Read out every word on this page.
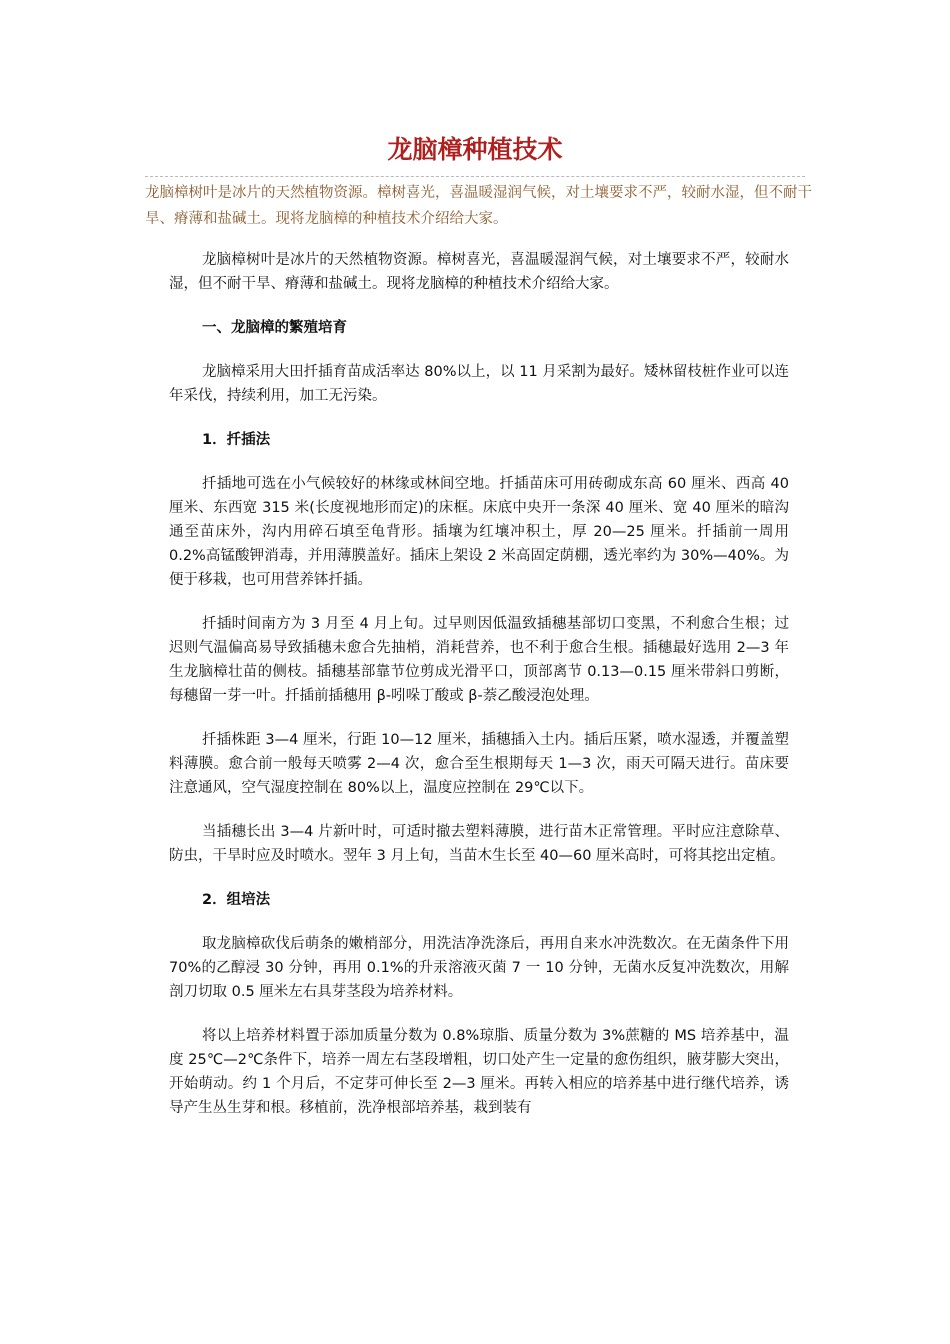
龙脑樟种植技术

龙脑樟树叶是冰片的天然植物资源。樟树喜光，喜温暖湿润气候，对土壤要求不严，较耐水湿，但不耐干旱、瘠薄和盐碱土。现将龙脑樟的种植技术介绍给大家。

龙脑樟树叶是冰片的天然植物资源。樟树喜光，喜温暖湿润气候，对土壤要求不严，较耐水湿，但不耐干旱、瘠薄和盐碱土。现将龙脑樟的种植技术介绍给大家。

一、龙脑樟的繁殖培育

龙脑樟采用大田扦插育苗成活率达 80%以上，以 11 月采割为最好。矮林留枝桩作业可以连年采伐，持续利用，加工无污染。

1．扦插法

扦插地可选在小气候较好的林缘或林间空地。扦插苗床可用砖砌成东高 60 厘米、西高 40 厘米、东西宽 315 米(长度视地形而定)的床框。床底中央开一条深 40 厘米、宽 40 厘米的暗沟通至苗床外，沟内用碎石填至龟背形。插壤为红壤冲积土，厚 20—25 厘米。扦插前一周用 0.2%高锰酸钾消毒，并用薄膜盖好。插床上架设 2 米高固定荫棚，透光率约为 30%—40%。为便于移栽，也可用营养钵扦插。

扦插时间南方为 3 月至 4 月上旬。过早则因低温致插穗基部切口变黑，不利愈合生根；过迟则气温偏高易导致插穗未愈合先抽梢，消耗营养，也不利于愈合生根。插穗最好选用 2—3 年生龙脑樟壮苗的侧枝。插穗基部靠节位剪成光滑平口，顶部离节 0.13—0.15 厘米带斜口剪断，每穗留一芽一叶。扦插前插穗用 β-吲哚丁酸或 β-萘乙酸浸泡处理。

扦插株距 3—4 厘米，行距 10—12 厘米，插穗插入土内。插后压紧，喷水湿透，并覆盖塑料薄膜。愈合前一般每天喷雾 2—4 次，愈合至生根期每天 1—3 次，雨天可隔天进行。苗床要注意通风，空气湿度控制在 80%以上，温度应控制在 29℃以下。

当插穗长出 3—4 片新叶时，可适时撤去塑料薄膜，进行苗木正常管理。平时应注意除草、防虫，干旱时应及时喷水。翌年 3 月上旬，当苗木生长至 40—60 厘米高时，可将其挖出定植。

2．组培法

取龙脑樟砍伐后萌条的嫩梢部分，用洗洁净洗涤后，再用自来水冲洗数次。在无菌条件下用 70%的乙醇浸 30 分钟，再用 0.1%的升汞溶液灭菌 7 一 10 分钟，无菌水反复冲洗数次，用解剖刀切取 0.5 厘米左右具芽茎段为培养材料。

将以上培养材料置于添加质量分数为 0.8%琼脂、质量分数为 3%蔗糖的 MS 培养基中，温度 25℃—2℃条件下，培养一周左右茎段增粗，切口处产生一定量的愈伤组织，腋芽膨大突出，开始萌动。约 1 个月后，不定芽可伸长至 2—3 厘米。再转入相应的培养基中进行继代培养，诱导产生丛生芽和根。移植前，洗净根部培养基，栽到装有
